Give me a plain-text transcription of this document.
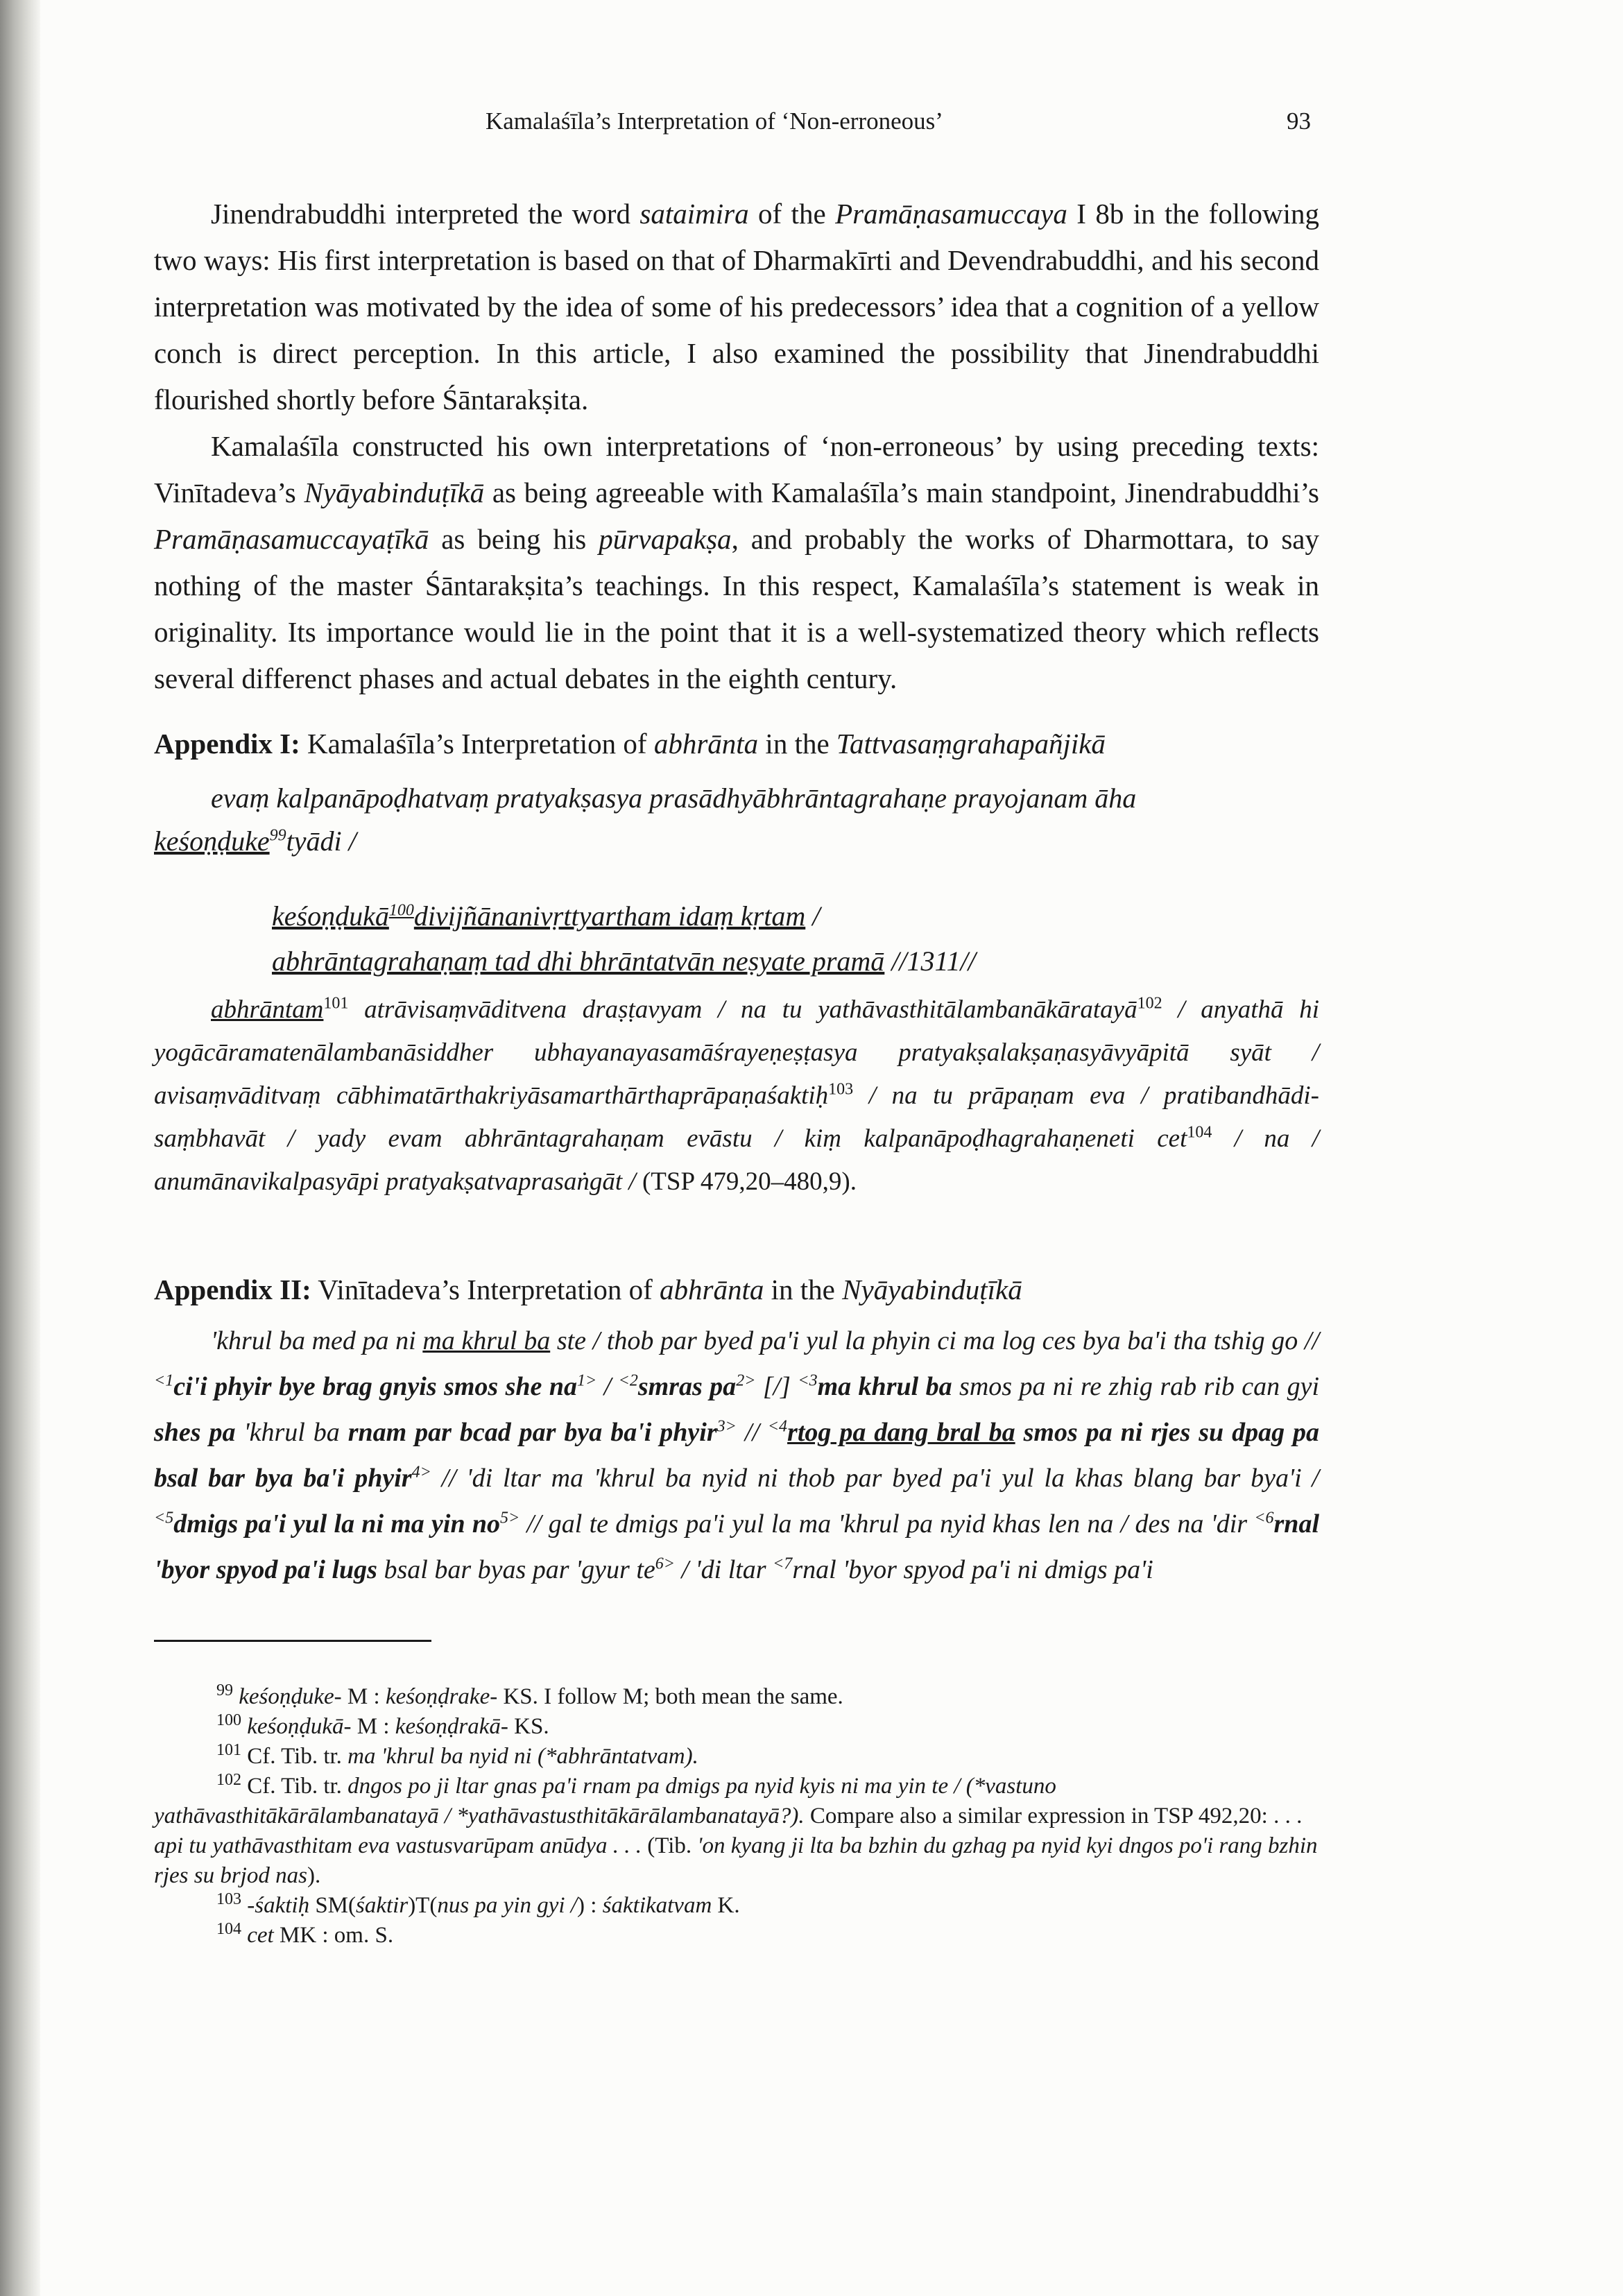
Kamalaśīla’s Interpretation of ‘Non-erroneous’	93

Jinendrabuddhi interpreted the word sataimira of the Pramāṇasamuccaya I 8b in the following two ways: His first interpretation is based on that of Dharmakīrti and Devendrabuddhi, and his second interpretation was motivated by the idea of some of his predecessors’ idea that a cognition of a yellow conch is direct perception. In this article, I also examined the possibility that Jinendrabuddhi flourished shortly before Śāntarakṣita.

Kamalaśīla constructed his own interpretations of ‘non-erroneous’ by using preceding texts: Vinītadeva’s Nyāyabinduṭīkā as being agreeable with Kamalaśīla’s main standpoint, Jinendrabuddhi’s Pramāṇasamuccayaṭīkā as being his pūrvapakṣa, and probably the works of Dharmottara, to say nothing of the master Śāntarakṣita’s teachings. In this respect, Kamalaśīla’s statement is weak in originality. Its importance would lie in the point that it is a well-systematized theory which reflects several differenct phases and actual debates in the eighth century.

Appendix I: Kamalaśīla’s Interpretation of abhrānta in the Tattvasaṃgrahapañjikā
evaṃ kalpanāpoḍhatvaṃ pratyakṣasya prasādhyābhrāntagrahaṇe prayojanam āha keśoṇḍuke$^{99}$tyādi /
keśoṇḍukā$^{100}$divijñānanivṛttyartham idaṃ kṛtam /
abhrāntagrahaṇaṃ tad dhi bhrāntatvān neṣyate pramā //1311//
abhrāntam$^{101}$ atrāvisaṃvāditvena draṣṭavyam / na tu yathāvasthitālambanākāratayā$^{102}$ / anyathā hi yogācāramatenālambanāsiddher ubhayanayasamāśrayeṇeṣṭasya pratyakṣalakṣaṇasyāvyāpitā syāt / avisaṃvāditvaṃ cābhimatārthakriyāsamarthārthaprāpaṇaśaktiḥ$^{103}$ / na tu prāpaṇam eva / pratibandhādi-saṃbhavāt / yady evam abhrāntagrahaṇam evāstu / kiṃ kalpanāpoḍhagrahaṇeneti cet$^{104}$ / na / anumānavikalpasyāpi pratyakṣatvaprasaṅgāt / (TSP 479,20–480,9).
Appendix II: Vinītadeva’s Interpretation of abhrānta in the Nyāyabinduṭīkā
'khrul ba med pa ni ma khrul ba ste / thob par byed pa'i yul la phyin ci ma log ces bya ba'i tha tshig go // $^{<1}$ci'i phyir bye brag gnyis smos she $na^{1>}$ / $^{<2}$smras $pa^{2>}$ [/] $^{<3}$ma khrul ba smos pa ni re zhig rab rib can gyi shes pa 'khrul ba rnam par bcad par bya ba'i phyir$^{3>}$ // $^{<4}$rtog pa dang bral ba smos pa ni rjes su dpag pa bsal bar bya ba'i phyir$^{4>}$ // 'di ltar ma 'khrul ba nyid ni thob par byed pa'i yul la khas blang bar bya'i / $^{<5}$dmigs pa'i yul la ni ma yin $no^{5>}$ // gal te dmigs pa'i yul la ma 'khrul pa nyid khas len na / des na 'dir $^{<6}$rnal 'byor spyod pa'i lugs bsal bar byas par 'gyur $te^{6>}$ / 'di ltar $^{<7}$rnal 'byor spyod pa'i ni dmigs pa'i
$^{99}$ keśoṇḍuke- M : keśoṇḍrake- KS. I follow M; both mean the same.
$^{100}$ keśoṇḍukā- M : keśoṇḍrakā- KS.
$^{101}$ Cf. Tib. tr. ma 'khrul ba nyid ni (*abhrāntatvam).
$^{102}$ Cf. Tib. tr. dngos po ji ltar gnas pa'i rnam pa dmigs pa nyid kyis ni ma yin te / (*vastuno yathāvasthitākārālambanatayā / *yathāvastusthitākārālambanatayā?). Compare also a similar expression in TSP 492,20: . . . api tu yathāvasthitam eva vastusvarūpam anūdya . . . (Tib. 'on kyang ji lta ba bzhin du gzhag pa nyid kyi dngos po'i rang bzhin rjes su brjod nas).
$^{103}$ -śaktiḥ SM(śaktir)T(nus pa yin gyi /) : śaktikatvam K.
$^{104}$ cet MK : om. S.
